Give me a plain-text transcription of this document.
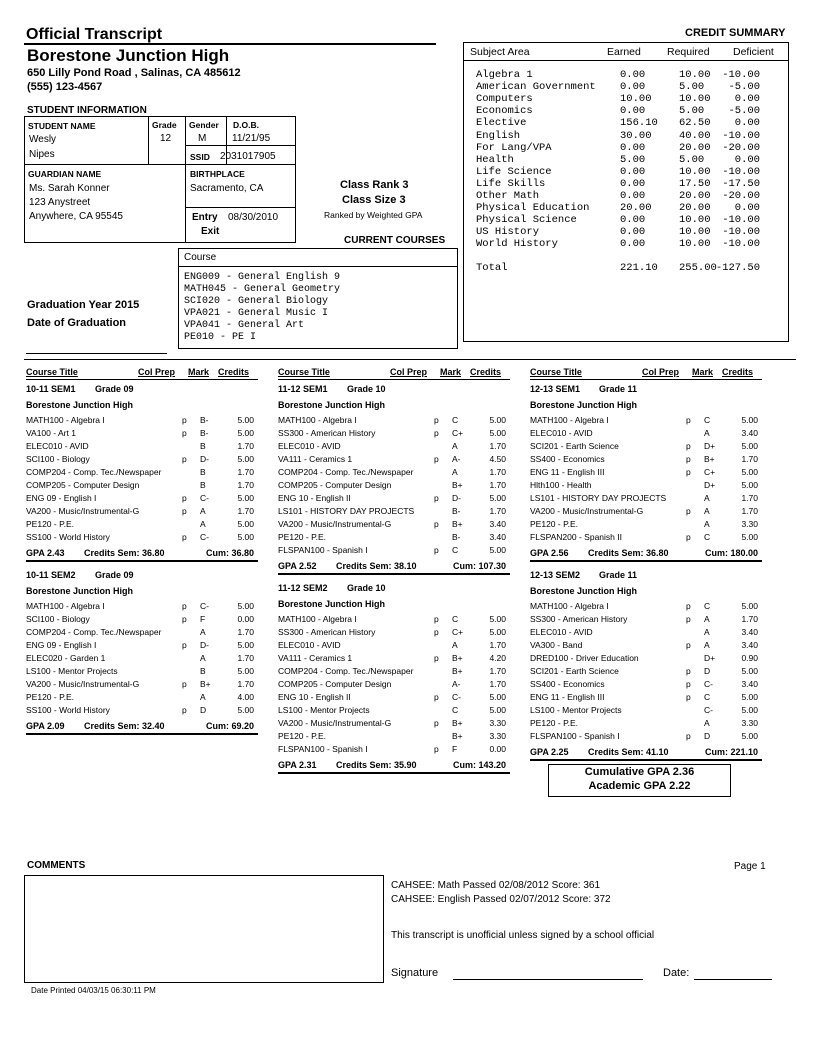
Official Transcript
Borestone Junction High
650 Lilly Pond Road , Salinas, CA 485612
(555) 123-4567
STUDENT INFORMATION
STUDENT NAME
Wesly
Nipes
Grade
12
Gender
M
D.O.B.
11/21/95
SSID 2031017905
GUARDIAN NAME
Ms. Sarah Konner
123 Anystreet
Anywhere, CA 95545
BIRTHPLACE
Sacramento, CA
Entry 08/30/2010
Exit
Class Rank 3
Class Size 3
Ranked by Weighted GPA
CURRENT COURSES
Course
ENG009 - General English 9
MATH045 - General Geometry
SCI020 - General Biology
VPA021 - General Music I
VPA041 - General Art
PE010 - PE I
Graduation Year 2015
Date of Graduation
CREDIT SUMMARY
Subject Area	Earned Required Deficient
Algebra 1	0.00	10.00 -10.00
American Government 0.00	5.00 -5.00
Computers	10.00	10.00 0.00
Economics	0.00	5.00 -5.00
Elective	156.10 62.50 0.00
English	30.00	40.00 -10.00
For Lang/VPA	0.00	20.00 -20.00
Health	5.00	5.00	0.00
Life Science	0.00	10.00 -10.00
Life Skills	0.00	17.50 -17.50
Other Math	0.00	20.00 -20.00
Physical Education	20.00	20.00 0.00
Physical Science	0.00	10.00 -10.00
US History	0.00	10.00 -10.00
World History	0.00	10.00 -10.00
Total	221.10 255.00 -127.50
Course Title	Col Prep Mark Credits
10-11 SEM1 Grade 09
Borestone Junction High
MATH100 - Algebra I	p B-	5.00
VA100 - Art 1	p B-	5.00
ELEC010 - AVID	B	1.70
SCI100 - Biology	p D-	5.00
COMP204 - Comp. Tec./Newspaper	B	1.70
COMP205 - Computer Design	B	1.70
ENG 09 - English I	p C-	5.00
VA200 - Music/Instrumental-G	p A	1.70
PE120 - P.E.	A	5.00
SS100 - World History	p C-	5.00
GPA 2.43 Credits Sem: 36.80	Cum: 36.80
10-11 SEM2 Grade 09
Borestone Junction High
MATH100 - Algebra I	p C-	5.00
SCI100 - Biology	p F	0.00
COMP204 - Comp. Tec./Newspaper	A	1.70
ENG 09 - English I	p D-	5.00
ELEC020 - Garden 1	A	1.70
LS100 - Mentor Projects	B	5.00
VA200 - Music/Instrumental-G	p B+	1.70
PE120 - P.E.	A	4.00
SS100 - World History	p D	5.00
GPA 2.09 Credits Sem: 32.40	Cum: 69.20
Course Title	Col Prep Mark Credits
11-12 SEM1 Grade 10
Borestone Junction High
MATH100 - Algebra I	p C	5.00
SS300 - American History	p C+	5.00
ELEC010 - AVID	A	1.70
VA111 - Ceramics 1	p A-	4.50
COMP204 - Comp. Tec./Newspaper	A	1.70
COMP205 - Computer Design	B+	1.70
ENG 10 - English II	p D-	5.00
LS101 - HISTORY DAY PROJECTS	B-	1.70
VA200 - Music/Instrumental-G	p B+	3.40
PE120 - P.E.	B-	3.40
FLSPAN100 - Spanish I	p C	5.00
GPA 2.52 Credits Sem: 38.10	Cum: 107.30
11-12 SEM2 Grade 10
Borestone Junction High
MATH100 - Algebra I	p C	5.00
SS300 - American History	p C+	5.00
ELEC010 - AVID	A	1.70
VA111 - Ceramics 1	p B+	4.20
COMP204 - Comp. Tec./Newspaper	B+	1.70
COMP205 - Computer Design	A-	1.70
ENG 10 - English II	p C-	5.00
LS100 - Mentor Projects	C	5.00
VA200 - Music/Instrumental-G	p B+	3.30
PE120 - P.E.	B+	3.30
FLSPAN100 - Spanish I	p F	0.00
GPA 2.31 Credits Sem: 35.90	Cum: 143.20
Course Title	Col Prep Mark Credits
12-13 SEM1 Grade 11
Borestone Junction High
MATH100 - Algebra I	p C	5.00
ELEC010 - AVID	A	3.40
SCI201 - Earth Science	p D+	5.00
SS400 - Economics	p B+	1.70
ENG 11 - English III	p C+	5.00
Hlth100 - Health	D+	5.00
LS101 - HISTORY DAY PROJECTS	A	1.70
VA200 - Music/Instrumental-G	p A	1.70
PE120 - P.E.	A	3.30
FLSPAN200 - Spanish II	p C	5.00
GPA 2.56 Credits Sem: 36.80	Cum: 180.00
12-13 SEM2 Grade 11
Borestone Junction High
MATH100 - Algebra I	p C	5.00
SS300 - American History	p A	1.70
ELEC010 - AVID	A	3.40
VA300 - Band	p A	3.40
DRED100 - Driver Education	D+	0.90
SCI201 - Earth Science	p D	5.00
SS400 - Economics	p C-	3.40
ENG 11 - English III	p C	5.00
LS100 - Mentor Projects	C-	5.00
PE120 - P.E.	A	3.30
FLSPAN100 - Spanish I	p D	5.00
GPA 2.25 Credits Sem: 41.10	Cum: 221.10
Cumulative GPA 2.36
Academic GPA 2.22
COMMENTS	Page 1
CAHSEE: Math Passed 02/08/2012 Score: 361
CAHSEE: English Passed 02/07/2012 Score: 372
This transcript is unofficial unless signed by a school official
Signature	Date:
Date Printed 04/03/15 06:30:11 PM
